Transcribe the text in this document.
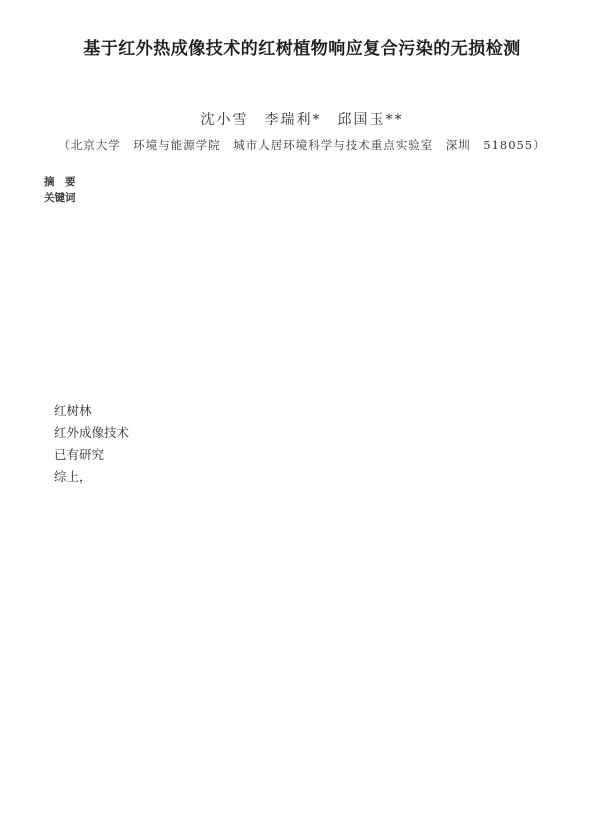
基于红外热成像技术的红树植物响应复合污染的无损检测
沈小雪　李瑞利*　邱国玉**
（北京大学　环境与能源学院　城市人居环境科学与技术重点实验室　深圳　518055）
摘　要
关键词

红树林

红外成像技术

已有研究

综上，
